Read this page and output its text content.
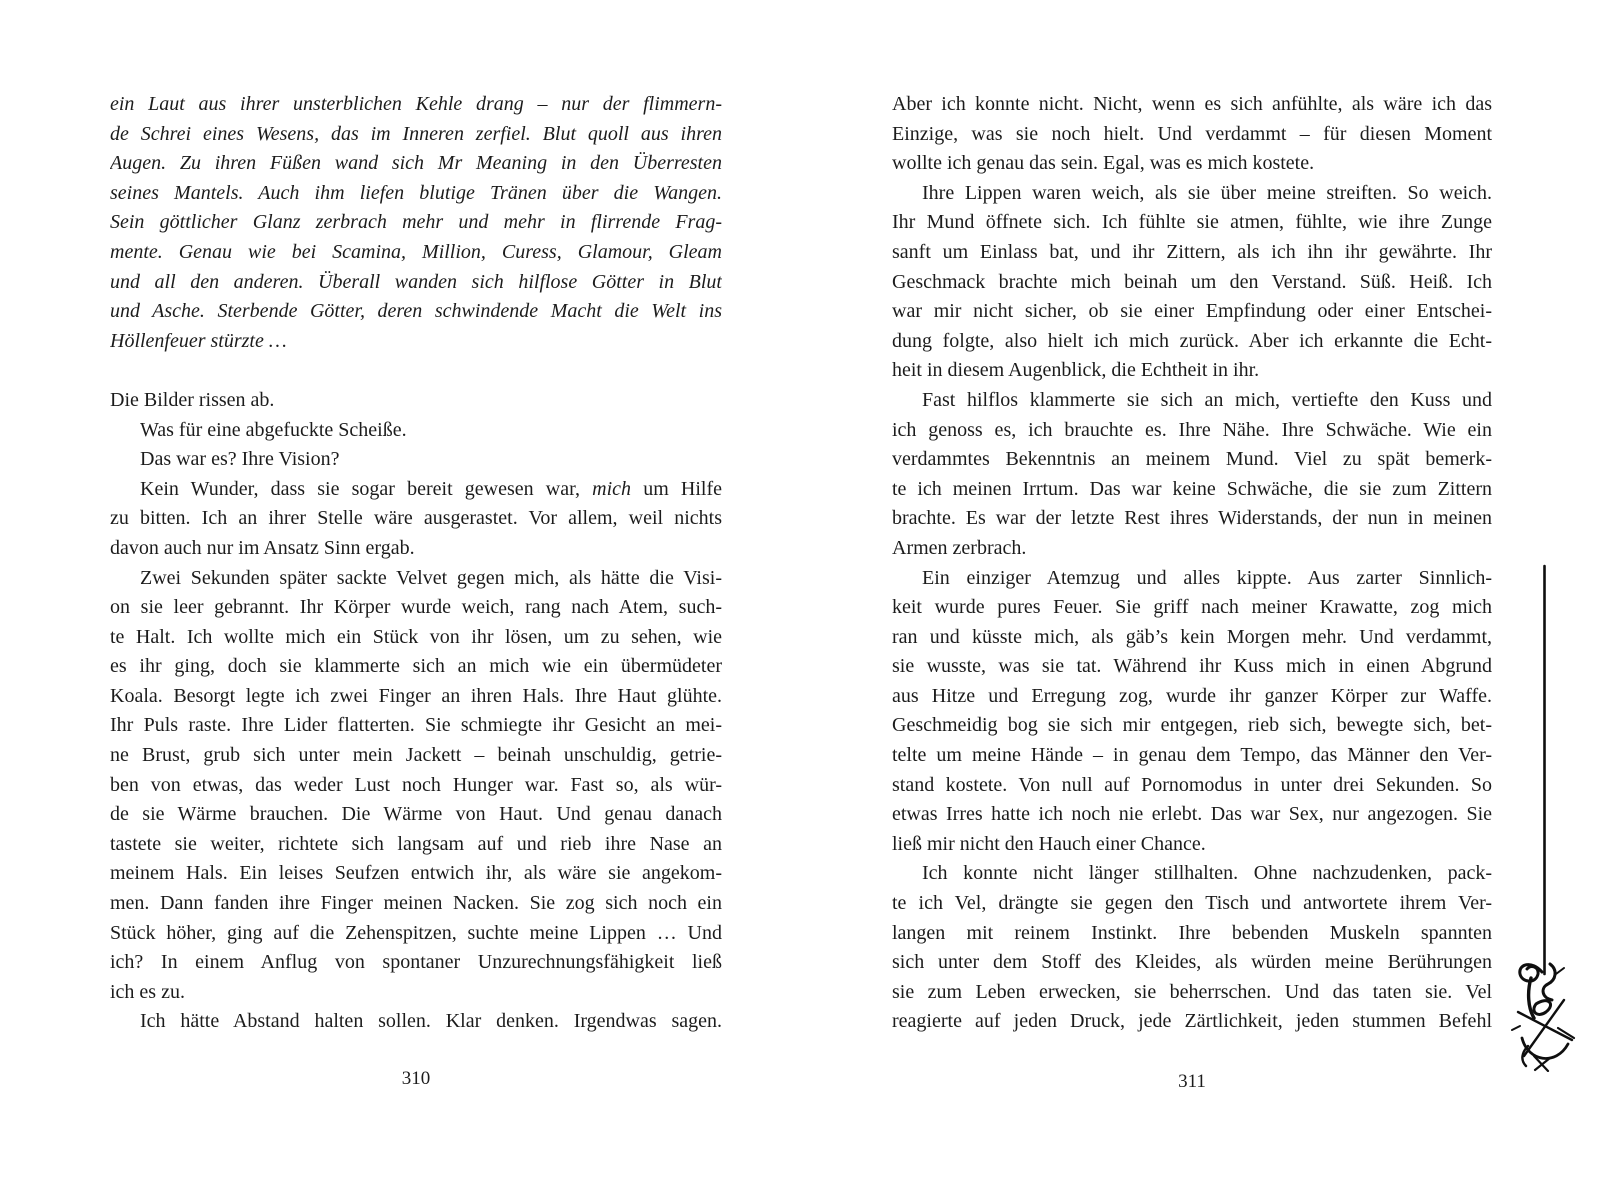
ein Laut aus ihrer unsterblichen Kehle drang – nur der flimmern-
de Schrei eines Wesens, das im Inneren zerfiel. Blut quoll aus ihren
Augen. Zu ihren Füßen wand sich Mr Meaning in den Überresten
seines Mantels. Auch ihm liefen blutige Tränen über die Wangen.
Sein göttlicher Glanz zerbrach mehr und mehr in flirrende Frag-
mente. Genau wie bei Scamina, Million, Curess, Glamour, Gleam
und all den anderen. Überall wanden sich hilflose Götter in Blut
und Asche. Sterbende Götter, deren schwindende Macht die Welt ins
Höllenfeuer stürzte …
Die Bilder rissen ab.
Was für eine abgefuckte Scheiße.
Das war es? Ihre Vision?
Kein Wunder, dass sie sogar bereit gewesen war, mich um Hilfe
zu bitten. Ich an ihrer Stelle wäre ausgerastet. Vor allem, weil nichts
davon auch nur im Ansatz Sinn ergab.
Zwei Sekunden später sackte Velvet gegen mich, als hätte die Visi-
on sie leer gebrannt. Ihr Körper wurde weich, rang nach Atem, such-
te Halt. Ich wollte mich ein Stück von ihr lösen, um zu sehen, wie
es ihr ging, doch sie klammerte sich an mich wie ein übermüdeter
Koala. Besorgt legte ich zwei Finger an ihren Hals. Ihre Haut glühte.
Ihr Puls raste. Ihre Lider flatterten. Sie schmiegte ihr Gesicht an mei-
ne Brust, grub sich unter mein Jackett – beinah unschuldig, getrie-
ben von etwas, das weder Lust noch Hunger war. Fast so, als wür-
de sie Wärme brauchen. Die Wärme von Haut. Und genau danach
tastete sie weiter, richtete sich langsam auf und rieb ihre Nase an
meinem Hals. Ein leises Seufzen entwich ihr, als wäre sie angekom-
men. Dann fanden ihre Finger meinen Nacken. Sie zog sich noch ein
Stück höher, ging auf die Zehenspitzen, suchte meine Lippen … Und
ich? In einem Anflug von spontaner Unzurechnungsfähigkeit ließ
ich es zu.
Ich hätte Abstand halten sollen. Klar denken. Irgendwas sagen.
Aber ich konnte nicht. Nicht, wenn es sich anfühlte, als wäre ich das
Einzige, was sie noch hielt. Und verdammt – für diesen Moment
wollte ich genau das sein. Egal, was es mich kostete.
Ihre Lippen waren weich, als sie über meine streiften. So weich.
Ihr Mund öffnete sich. Ich fühlte sie atmen, fühlte, wie ihre Zunge
sanft um Einlass bat, und ihr Zittern, als ich ihn ihr gewährte. Ihr
Geschmack brachte mich beinah um den Verstand. Süß. Heiß. Ich
war mir nicht sicher, ob sie einer Empfindung oder einer Entschei-
dung folgte, also hielt ich mich zurück. Aber ich erkannte die Echt-
heit in diesem Augenblick, die Echtheit in ihr.
Fast hilflos klammerte sie sich an mich, vertiefte den Kuss und
ich genoss es, ich brauchte es. Ihre Nähe. Ihre Schwäche. Wie ein
verdammtes Bekenntnis an meinem Mund. Viel zu spät bemerk-
te ich meinen Irrtum. Das war keine Schwäche, die sie zum Zittern
brachte. Es war der letzte Rest ihres Widerstands, der nun in meinen
Armen zerbrach.
Ein einziger Atemzug und alles kippte. Aus zarter Sinnlich-
keit wurde pures Feuer. Sie griff nach meiner Krawatte, zog mich
ran und küsste mich, als gäb’s kein Morgen mehr. Und verdammt,
sie wusste, was sie tat. Während ihr Kuss mich in einen Abgrund
aus Hitze und Erregung zog, wurde ihr ganzer Körper zur Waffe.
Geschmeidig bog sie sich mir entgegen, rieb sich, bewegte sich, bet-
telte um meine Hände – in genau dem Tempo, das Männer den Ver-
stand kostete. Von null auf Pornomodus in unter drei Sekunden. So
etwas Irres hatte ich noch nie erlebt. Das war Sex, nur angezogen. Sie
ließ mir nicht den Hauch einer Chance.
Ich konnte nicht länger stillhalten. Ohne nachzudenken, pack-
te ich Vel, drängte sie gegen den Tisch und antwortete ihrem Ver-
langen mit reinem Instinkt. Ihre bebenden Muskeln spannten
sich unter dem Stoff des Kleides, als würden meine Berührungen
sie zum Leben erwecken, sie beherrschen. Und das taten sie. Vel
reagierte auf jeden Druck, jede Zärtlichkeit, jeden stummen Befehl
310	311
